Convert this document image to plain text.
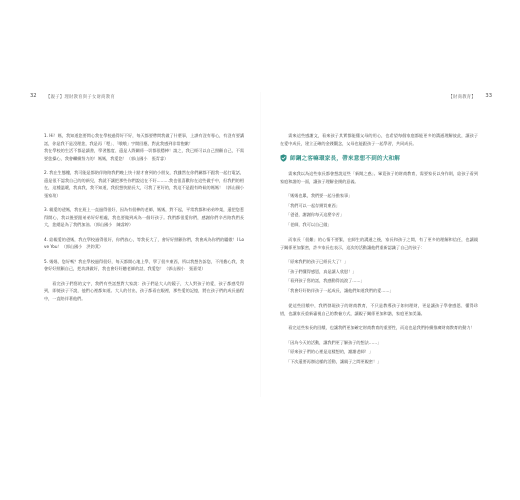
32 【親子】理財教育與子女財商教育

1. Hi！媽，我知道您要問心我在學校過得好不好，每天都要帶問我做了什麼事，上課有沒有專心，有沒有要講話，你是我不是沒理您，我是再「嗯」、「哦哦」字開回應，對此我感到非常抱歉！
我在學校的生活不都是讀書，學習態度、還是人際關係一切都很穩棒！請之，我已經可以自己照顧自己，不需要您操心，我會繼續努力的！媽媽，我愛您！（郭山國小　張青睿）

2. 我在生態樓，我可能是都陪伴陪陪我們晚上快十點才會到的小朋友，我雖然在你們屬都不跟我一起打電話，還是很不認我自己的的新兒，我就不讓把那些你們說這在不好...……我也很喜歡你在這些做手中，但我們的相在，這種溫暖，我真我，我不知道，我很想快點長大，可我了更好的，我這不是跟有時候的媽媽！（郭山國小　張家瑄）

3. 親愛的爸媽，我在班上一直過得很好，因為有很棒的老師，媽媽，對不起，平常我都和弟弟吵架，還把您惹得開心，我以後要跟弟弟好好相處，我也要做到成為一個好孩子。我們都很愛你們，感謝你們辛苦陪我們長大，您總是為了我們加油。（郭山國小　陳睿婷）

4. 給親愛的爸媽，我在學校過得很好，你們放心，等我長大了，會好好照顧你們，我會成為你們的驕傲！I Love You！（郭山國小　洪鈞萁）

5. 媽媽，您好嗎？我在學校過得很好，每天都開心地上學，學了很多東西，所以我想告訴您，不用擔心我，我會好好照顧自己，把功課做好，我也會好好聽老師的話，我愛您！（郭山國小　張嘉榮）

看完孩子們寫的文字，我們有些話想對大家說：孩子們是大人的鏡子，大人對孩子的愛，孩子都感受得到，即使孩子不說，他們心裡都知道。大人的付出，孩子都看在眼裡，那些愛的記憶，將在孩子們的成長過程中，一直陪伴著他們。

【財商教育】 33

需來這些感謝文，看來孩子其實都能懂父母的用心，也希望每個家庭都能更多的溝通理解彼此，讓孩子在愛中成長，建立正確的金錢觀念，父母也能跟孩子一起學習，共同成長。

師鋼之客嘛環家長，帶來意想不到的大和解

需來我以為這些家長都會想說這些「新聞之惑」。畢竟孩子的財商教育，需要家長以身作則，給孩子看到家庭和諧的一面，讓孩子理解金錢的意義。

「媽媽也累，我們要一起分擔家事」

「我們可以一起存錢買東西」

「爸爸，謝謝你每天這麼辛苦」

「老師，我可以自己做」

而家長「很難」的心情不要緊，在師生的溝通之後，家長和孩子之間，有了更多的理解和信任，也讓親子關係更加緊密，許多家長也表示，這次的活動讓他們重新認識了自己的孩子：

「原來我們的孩子已經長大了！」

「孩子們懂得感恩，真是讓人欣慰！」

「看到孩子寫的話，我感動得流淚了……」

「我會好好陪伴孩子一起成長，讓他們知道我們的愛……」

從這些回饋中，我們發現孩子的財商教育，不只是教導孩子如何理財，更是讓孩子學會感恩、懂得珍惜，也讓家長重新審視自己的教養方式，讓親子關係更加和諧，家庭更加美滿。

看完這些家長的回饋，也讓我們更加確定財商教育的重要性，而這也是我們持續推廣財商教育的動力！

「因為今天的活動，讓我們更了解孩子的想法……」

「原來孩子們的心裡是這樣想的，謝謝老師！」

「下次還要再辦這樣的活動，讓親子之間更親密！」
